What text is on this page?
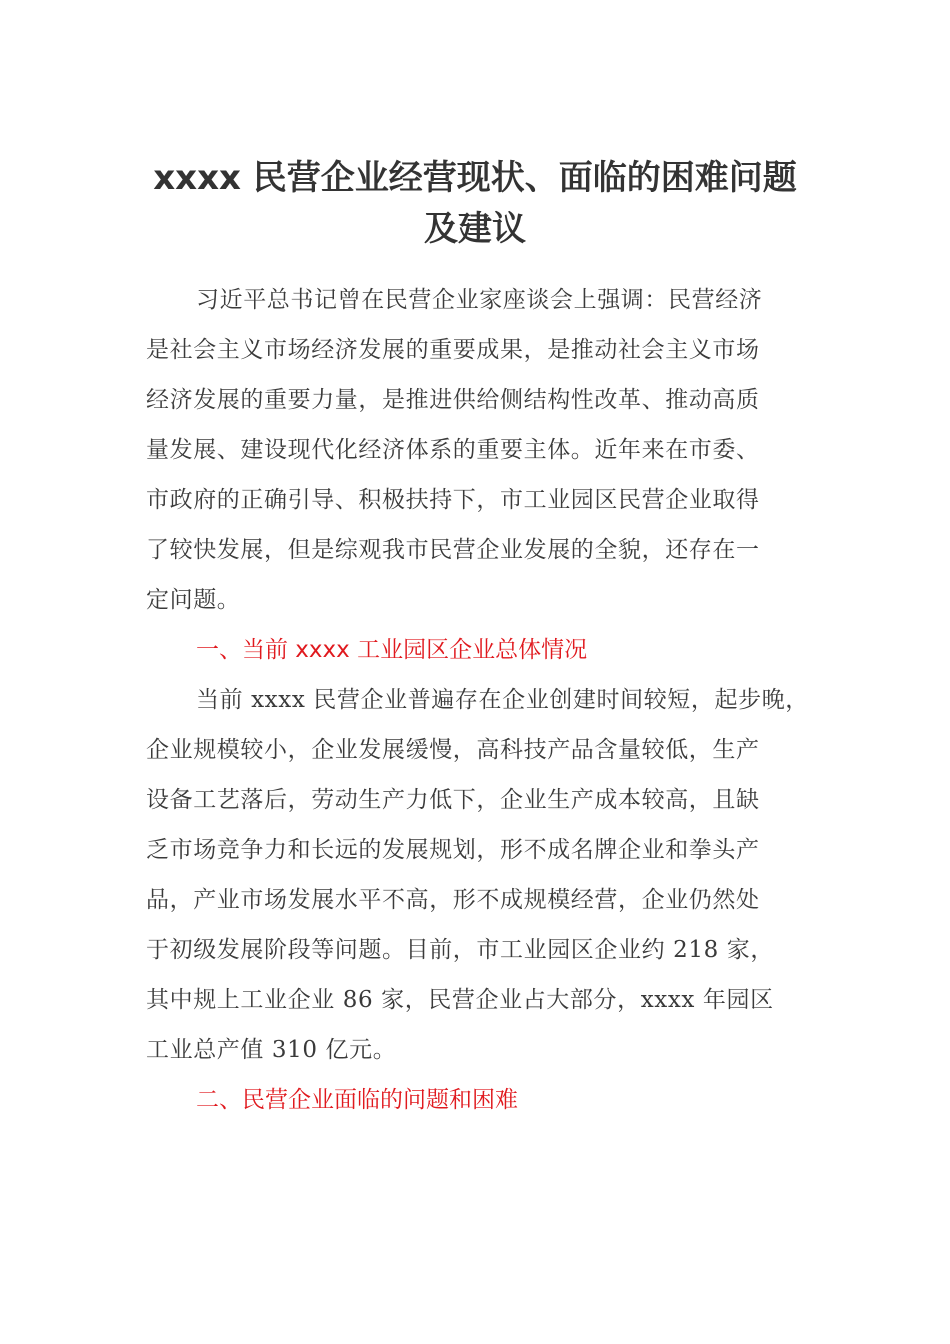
xxxx 民营企业经营现状、面临的困难问题
及建议
习近平总书记曾在民营企业家座谈会上强调：民营经济
是社会主义市场经济发展的重要成果，是推动社会主义市场
经济发展的重要力量，是推进供给侧结构性改革、推动高质
量发展、建设现代化经济体系的重要主体。近年来在市委、
市政府的正确引导、积极扶持下，市工业园区民营企业取得
了较快发展，但是综观我市民营企业发展的全貌，还存在一
定问题。
一、当前 xxxx 工业园区企业总体情况
当前 xxxx 民营企业普遍存在企业创建时间较短，起步晚，
企业规模较小，企业发展缓慢，高科技产品含量较低，生产
设备工艺落后，劳动生产力低下，企业生产成本较高，且缺
乏市场竞争力和长远的发展规划，形不成名牌企业和拳头产
品，产业市场发展水平不高，形不成规模经营，企业仍然处
于初级发展阶段等问题。目前，市工业园区企业约 218 家，
其中规上工业企业 86 家，民营企业占大部分，xxxx 年园区
工业总产值 310 亿元。
二、民营企业面临的问题和困难
